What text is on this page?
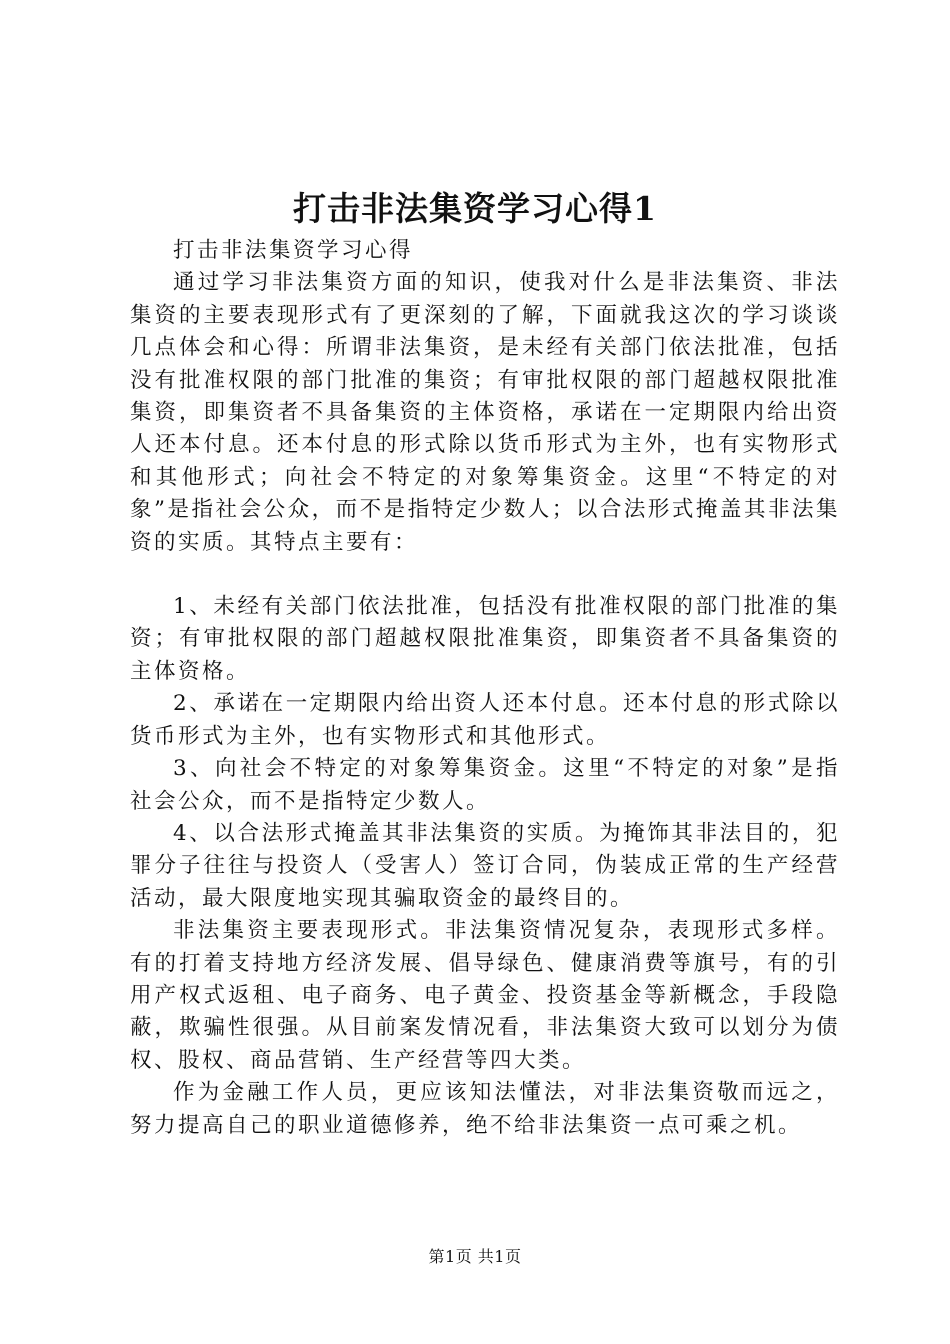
打击非法集资学习心得1

打击非法集资学习心得

通过学习非法集资方面的知识，使我对什么是非法集资、非法集资的主要表现形式有了更深刻的了解，下面就我这次的学习谈谈几点体会和心得：所谓非法集资，是未经有关部门依法批准，包括没有批准权限的部门批准的集资；有审批权限的部门超越权限批准集资，即集资者不具备集资的主体资格，承诺在一定期限内给出资人还本付息。还本付息的形式除以货币形式为主外，也有实物形式和其他形式；向社会不特定的对象筹集资金。这里“不特定的对象”是指社会公众，而不是指特定少数人；以合法形式掩盖其非法集资的实质。其特点主要有：

1、未经有关部门依法批准，包括没有批准权限的部门批准的集资；有审批权限的部门超越权限批准集资，即集资者不具备集资的主体资格。

2、承诺在一定期限内给出资人还本付息。还本付息的形式除以货币形式为主外，也有实物形式和其他形式。

3、向社会不特定的对象筹集资金。这里“不特定的对象”是指社会公众，而不是指特定少数人。

4、以合法形式掩盖其非法集资的实质。为掩饰其非法目的，犯罪分子往往与投资人（受害人）签订合同，伪装成正常的生产经营活动，最大限度地实现其骗取资金的最终目的。

非法集资主要表现形式。非法集资情况复杂，表现形式多样。有的打着支持地方经济发展、倡导绿色、健康消费等旗号，有的引用产权式返租、电子商务、电子黄金、投资基金等新概念，手段隐蔽，欺骗性很强。从目前案发情况看，非法集资大致可以划分为债权、股权、商品营销、生产经营等四大类。

作为金融工作人员，更应该知法懂法，对非法集资敬而远之，努力提高自己的职业道德修养，绝不给非法集资一点可乘之机。

第1页 共1页
